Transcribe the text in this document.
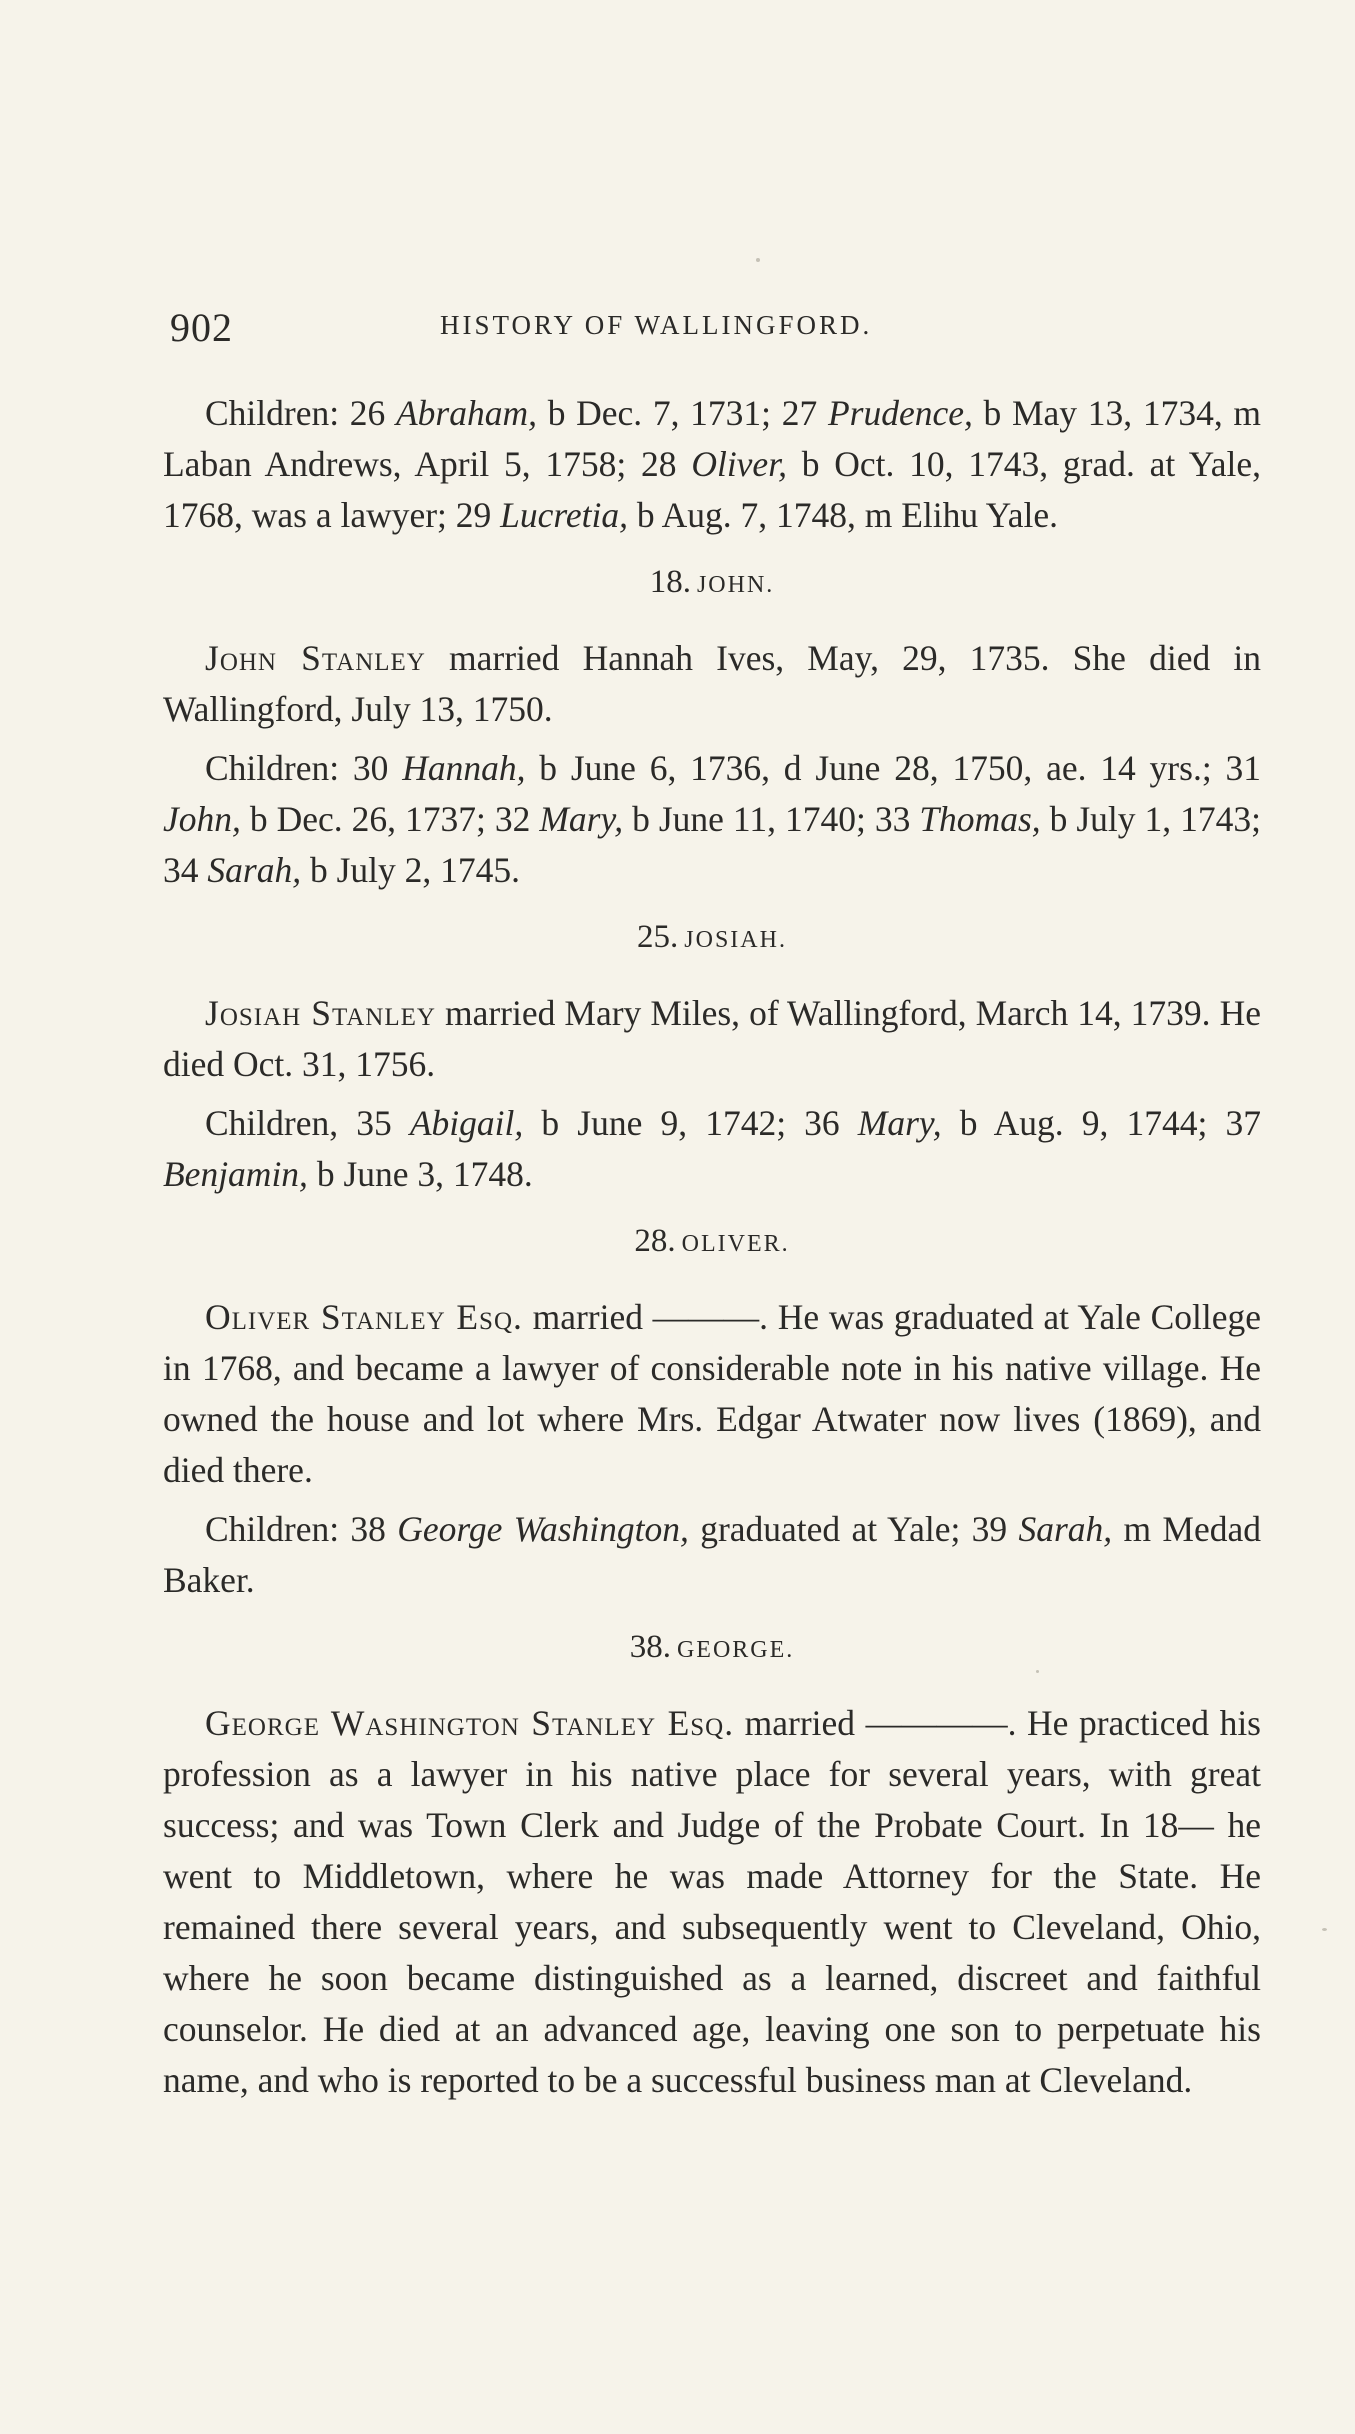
902	HISTORY OF WALLINGFORD.

Children: 26 Abraham, b Dec. 7, 1731; 27 Prudence, b May 13, 1734, m Laban Andrews, April 5, 1758; 28 Oliver, b Oct. 10, 1743, grad. at Yale, 1768, was a lawyer; 29 Lucretia, b Aug. 7, 1748, m Elihu Yale.

18. JOHN.

John Stanley married Hannah Ives, May, 29, 1735. She died in Wallingford, July 13, 1750.

Children: 30 Hannah, b June 6, 1736, d June 28, 1750, ae. 14 yrs.; 31 John, b Dec. 26, 1737; 32 Mary, b June 11, 1740; 33 Thomas, b July 1, 1743; 34 Sarah, b July 2, 1745.

25. JOSIAH.

Josiah Stanley married Mary Miles, of Wallingford, March 14, 1739. He died Oct. 31, 1756.

Children, 35 Abigail, b June 9, 1742; 36 Mary, b Aug. 9, 1744; 37 Benjamin, b June 3, 1748.

28. OLIVER.

Oliver Stanley Esq. married ———. He was graduated at Yale College in 1768, and became a lawyer of considerable note in his native village. He owned the house and lot where Mrs. Edgar Atwater now lives (1869), and died there.

Children: 38 George Washington, graduated at Yale; 39 Sarah, m Medad Baker.

38. GEORGE.

George Washington Stanley Esq. married ————. He practiced his profession as a lawyer in his native place for several years, with great success; and was Town Clerk and Judge of the Probate Court. In 18— he went to Middletown, where he was made Attorney for the State. He remained there several years, and subsequently went to Cleveland, Ohio, where he soon became distinguished as a learned, discreet and faithful counselor. He died at an advanced age, leaving one son to perpetuate his name, and who is reported to be a successful business man at Cleveland.
